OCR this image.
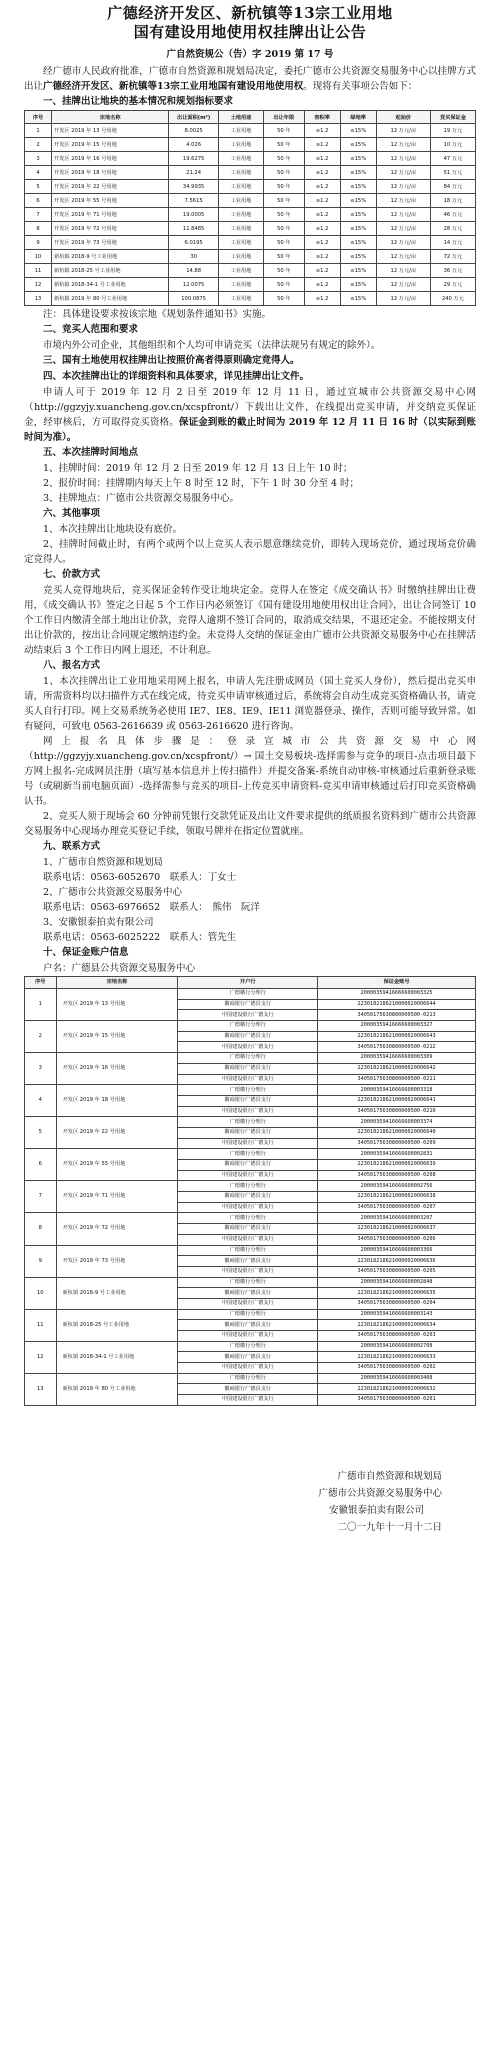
广德经济开发区、新杭镇等13宗工业用地
国有建设用地使用权挂牌出让公告
广自然资规公（告）字 2019 第 17 号

经广德市人民政府批准，广德市自然资源和规划局决定，委托广德市公共资源交易服务中心以挂牌方式出让广德经济开发区、新杭镇等13宗工业用地国有建设用地使用权。现将有关事项公告如下：

一、挂牌出让地块的基本情况和规划指标要求
序号	宗地名称	出让面积(m²)	土地用途	出让年限	容积率	绿地率	起始价	竞买保证金
1	开发区 2019 年 13 号用地	8.0025	工业用地	50 年	≥1.2	≤15%	12 万元/亩	19 万元
2	开发区 2019 年 15 号用地	4.026	工业用地	50 年	≥1.2	≤15%	12 万元/亩	10 万元
3	开发区 2019 年 16 号用地	19.6275	工业用地	50 年	≥1.2	≤15%	12 万元/亩	47 万元
4	开发区 2019 年 18 号用地	21.24	工业用地	50 年	≥1.2	≤15%	12 万元/亩	51 万元
5	开发区 2019 年 22 号用地	34.9935	工业用地	50 年	≥1.2	≤15%	12 万元/亩	84 万元
6	开发区 2019 年 55 号用地	7.5615	工业用地	50 年	≥1.2	≤15%	12 万元/亩	18 万元
7	开发区 2019 年 71 号用地	19.0005	工业用地	50 年	≥1.2	≤15%	12 万元/亩	46 万元
8	开发区 2019 年 72 号用地	11.8485	工业用地	50 年	≥1.2	≤15%	12 万元/亩	28 万元
9	开发区 2019 年 73 号用地	6.0195	工业用地	50 年	≥1.2	≤15%	12 万元/亩	14 万元
10	新杭镇 2018-9 号工业用地	30	工业用地	50 年	≥1.2	≤15%	12 万元/亩	72 万元
11	新杭镇 2018-25 号工业用地	14.88	工业用地	50 年	≥1.2	≤15%	12 万元/亩	36 万元
12	新杭镇 2018-34-1 号工业用地	12.0075	工业用地	50 年	≥1.2	≤15%	12 万元/亩	29 万元
13	新杭镇 2019 年 80 号工业用地	100.0875	工业用地	50 年	≥1.2	≤15%	12 万元/亩	240 万元

注：具体建设要求按该宗地《规划条件通知书》实施。

二、竞买人范围和要求

市境内外公司企业，其他组织和个人均可申请竞买（法律法规另有规定的除外）。

三、国有土地使用权挂牌出让按照价高者得原则确定竞得人。
四、本次挂牌出让的详细资料和具体要求，详见挂牌出让文件。

申请人可于 2019 年 12 月 2 日至 2019 年 12 月 11 日，通过宣城市公共资源交易中心网（http://ggzyjy.xuancheng.gov.cn/xcspfront/）下载出让文件，在线提出竞买申请，并交纳竞买保证金，经审核后，方可取得竞买资格。保证金到账的截止时间为 2019 年 12 月 11 日 16 时（以实际到账时间为准）。

五、本次挂牌时间地点

1、挂牌时间：2019 年 12 月 2 日至 2019 年 12 月 13 日上午 10 时；

2、报价时间：挂牌期内每天上午 8 时至 12 时，下午 1 时 30 分至 4 时；

3、挂牌地点：广德市公共资源交易服务中心。

六、其他事项

1、本次挂牌出让地块设有底价。

2、挂牌时间截止时，有两个或两个以上竞买人表示愿意继续竞价，即转入现场竞价，通过现场竞价确定竞得人。

七、价款方式

竞买人竞得地块后，竞买保证金转作受让地块定金。竞得人在签定《成交确认书》时缴纳挂牌出让费用，《成交确认书》签定之日起 5 个工作日内必须签订《国有建设用地使用权出让合同》，出让合同签订 10 个工作日内缴清全部土地出让价款，竞得人逾期不签订合同的，取消成交结果，不退还定金。不能按期支付出让价款的，按出让合同规定缴纳违约金。未竞得人交纳的保证金由广德市公共资源交易服务中心在挂牌活动结束后 3 个工作日内网上退还，不计利息。

八、报名方式

1、本次挂牌出让工业用地采用网上报名，申请人先注册成网员（国土竞买人身份），然后提出竞买申请，所需资料均以扫描件方式在线完成，待竞买申请审核通过后，系统将会自动生成竞买资格确认书，请竞买人自行打印。网上交易系统务必使用 IE7、IE8、IE9、IE11 浏览器登录、操作，否则可能导致异常。如有疑问，可致电 0563-2616639 或 0563-2616620 进行咨询。

网上报名具体步骤是：登录宣城市公共资源交易中心网（http://ggzyjy.xuancheng.gov.cn/xcspfront/）→ 国土交易板块-选择需参与竞争的项目-点击项目最下方网上报名-完成网员注册（填写基本信息并上传扫描件）并提交备案-系统自动审核-审核通过后重新登录账号（或刷新当前电脑页面）-选择需参与竞买的项目-上传竞买申请资料-竞买申请审核通过后打印竞买资格确认书。

2、竞买人须于现场会 60 分钟前凭银行交款凭证及出让文件要求提供的纸质报名资料到广德市公共资源交易服务中心现场办理竞买登记手续，领取号牌并在指定位置就座。

九、联系方式

1、广德市自然资源和规划局

联系电话：0563-6052670　联系人：丁女士

2、广德市公共资源交易服务中心

联系电话：0563-6976652　联系人：　熊伟　阮洋

3、安徽银泰拍卖有限公司

联系电话：0563-6025222　联系人：管先生

十、保证金账户信息

户名：广德县公共资源交易服务中心

序号	宗地名称	开户行	保证金账号
1	开发区 2019 年 13 号用地	广德徽行分理行	20000359416666600003325
		徽商银行广德县支行	2230182186210000020006644
		中国建设银行广德支行	34050175630800000500-0213
2	开发区 2019 年 15 号用地	广德徽行分理行	20000359416666600003327
		徽商银行广德县支行	2230182186210000020006643
		中国建设银行广德支行	34050175630800000500-0212
3	开发区 2019 年 16 号用地	广德徽行分理行	20000359416666600003309
		徽商银行广德县支行	2230182186210000020006642
		中国建设银行广德支行	34050175630800000500-0211
4	开发区 2019 年 18 号用地	广德徽行分理行	20000359416666600003318
		徽商银行广德县支行	2230182186210000020006641
		中国建设银行广德支行	34050175630800000500-0210
5	开发区 2019 年 22 号用地	广德徽行分理行	20000359416666600003374
		徽商银行广德县支行	2230182186210000020006640
		中国建设银行广德支行	34050175630800000500-0209
6	开发区 2019 年 55 号用地	广德徽行分理行	20000359416666600002831
		徽商银行广德县支行	2230182186210000020006639
		中国建设银行广德支行	34050175630800000500-0208
7	开发区 2019 年 71 号用地	广德徽行分理行	20000359416666600002756
		徽商银行广德县支行	2230182186210000020006638
		中国建设银行广德支行	34050175630800000500-0207
8	开发区 2019 年 72 号用地	广德徽行分理行	20000359416666600003207
		徽商银行广德县支行	2230182186210000020006637
		中国建设银行广德支行	34050175630800000500-0206
9	开发区 2019 年 73 号用地	广德徽行分理行	20000359416666600003366
		徽商银行广德县支行	2230182186210000020006636
		中国建设银行广德支行	34050175630800000500-0205
10	新杭镇 2018-9 号工业用地	广德徽行分理行	20000359416666600002848
		徽商银行广德县支行	2230182186210000020006635
		中国建设银行广德支行	34050175630800000500-0204
11	新杭镇 2018-25 号工业用地	广德徽行分理行	20000359416666600003143
		徽商银行广德县支行	2230182186210000020006634
		中国建设银行广德支行	34050175630800000500-0203
12	新杭镇 2018-34-1 号工业用地	广德徽行分理行	20000359416666600002708
		徽商银行广德县支行	2230182186210000020006633
		中国建设银行广德支行	34050175630800000500-0202
13	新杭镇 2019 年 80 号工业用地	广德徽行分理行	20000359416666600003408
		徽商银行广德县支行	2230182186210000020006632
		中国建设银行广德支行	34050175630800000500-0201
广德市自然资源和规划局
广德市公共资源交易服务中心
安徽银泰拍卖有限公司
二〇一九年十一月十二日
